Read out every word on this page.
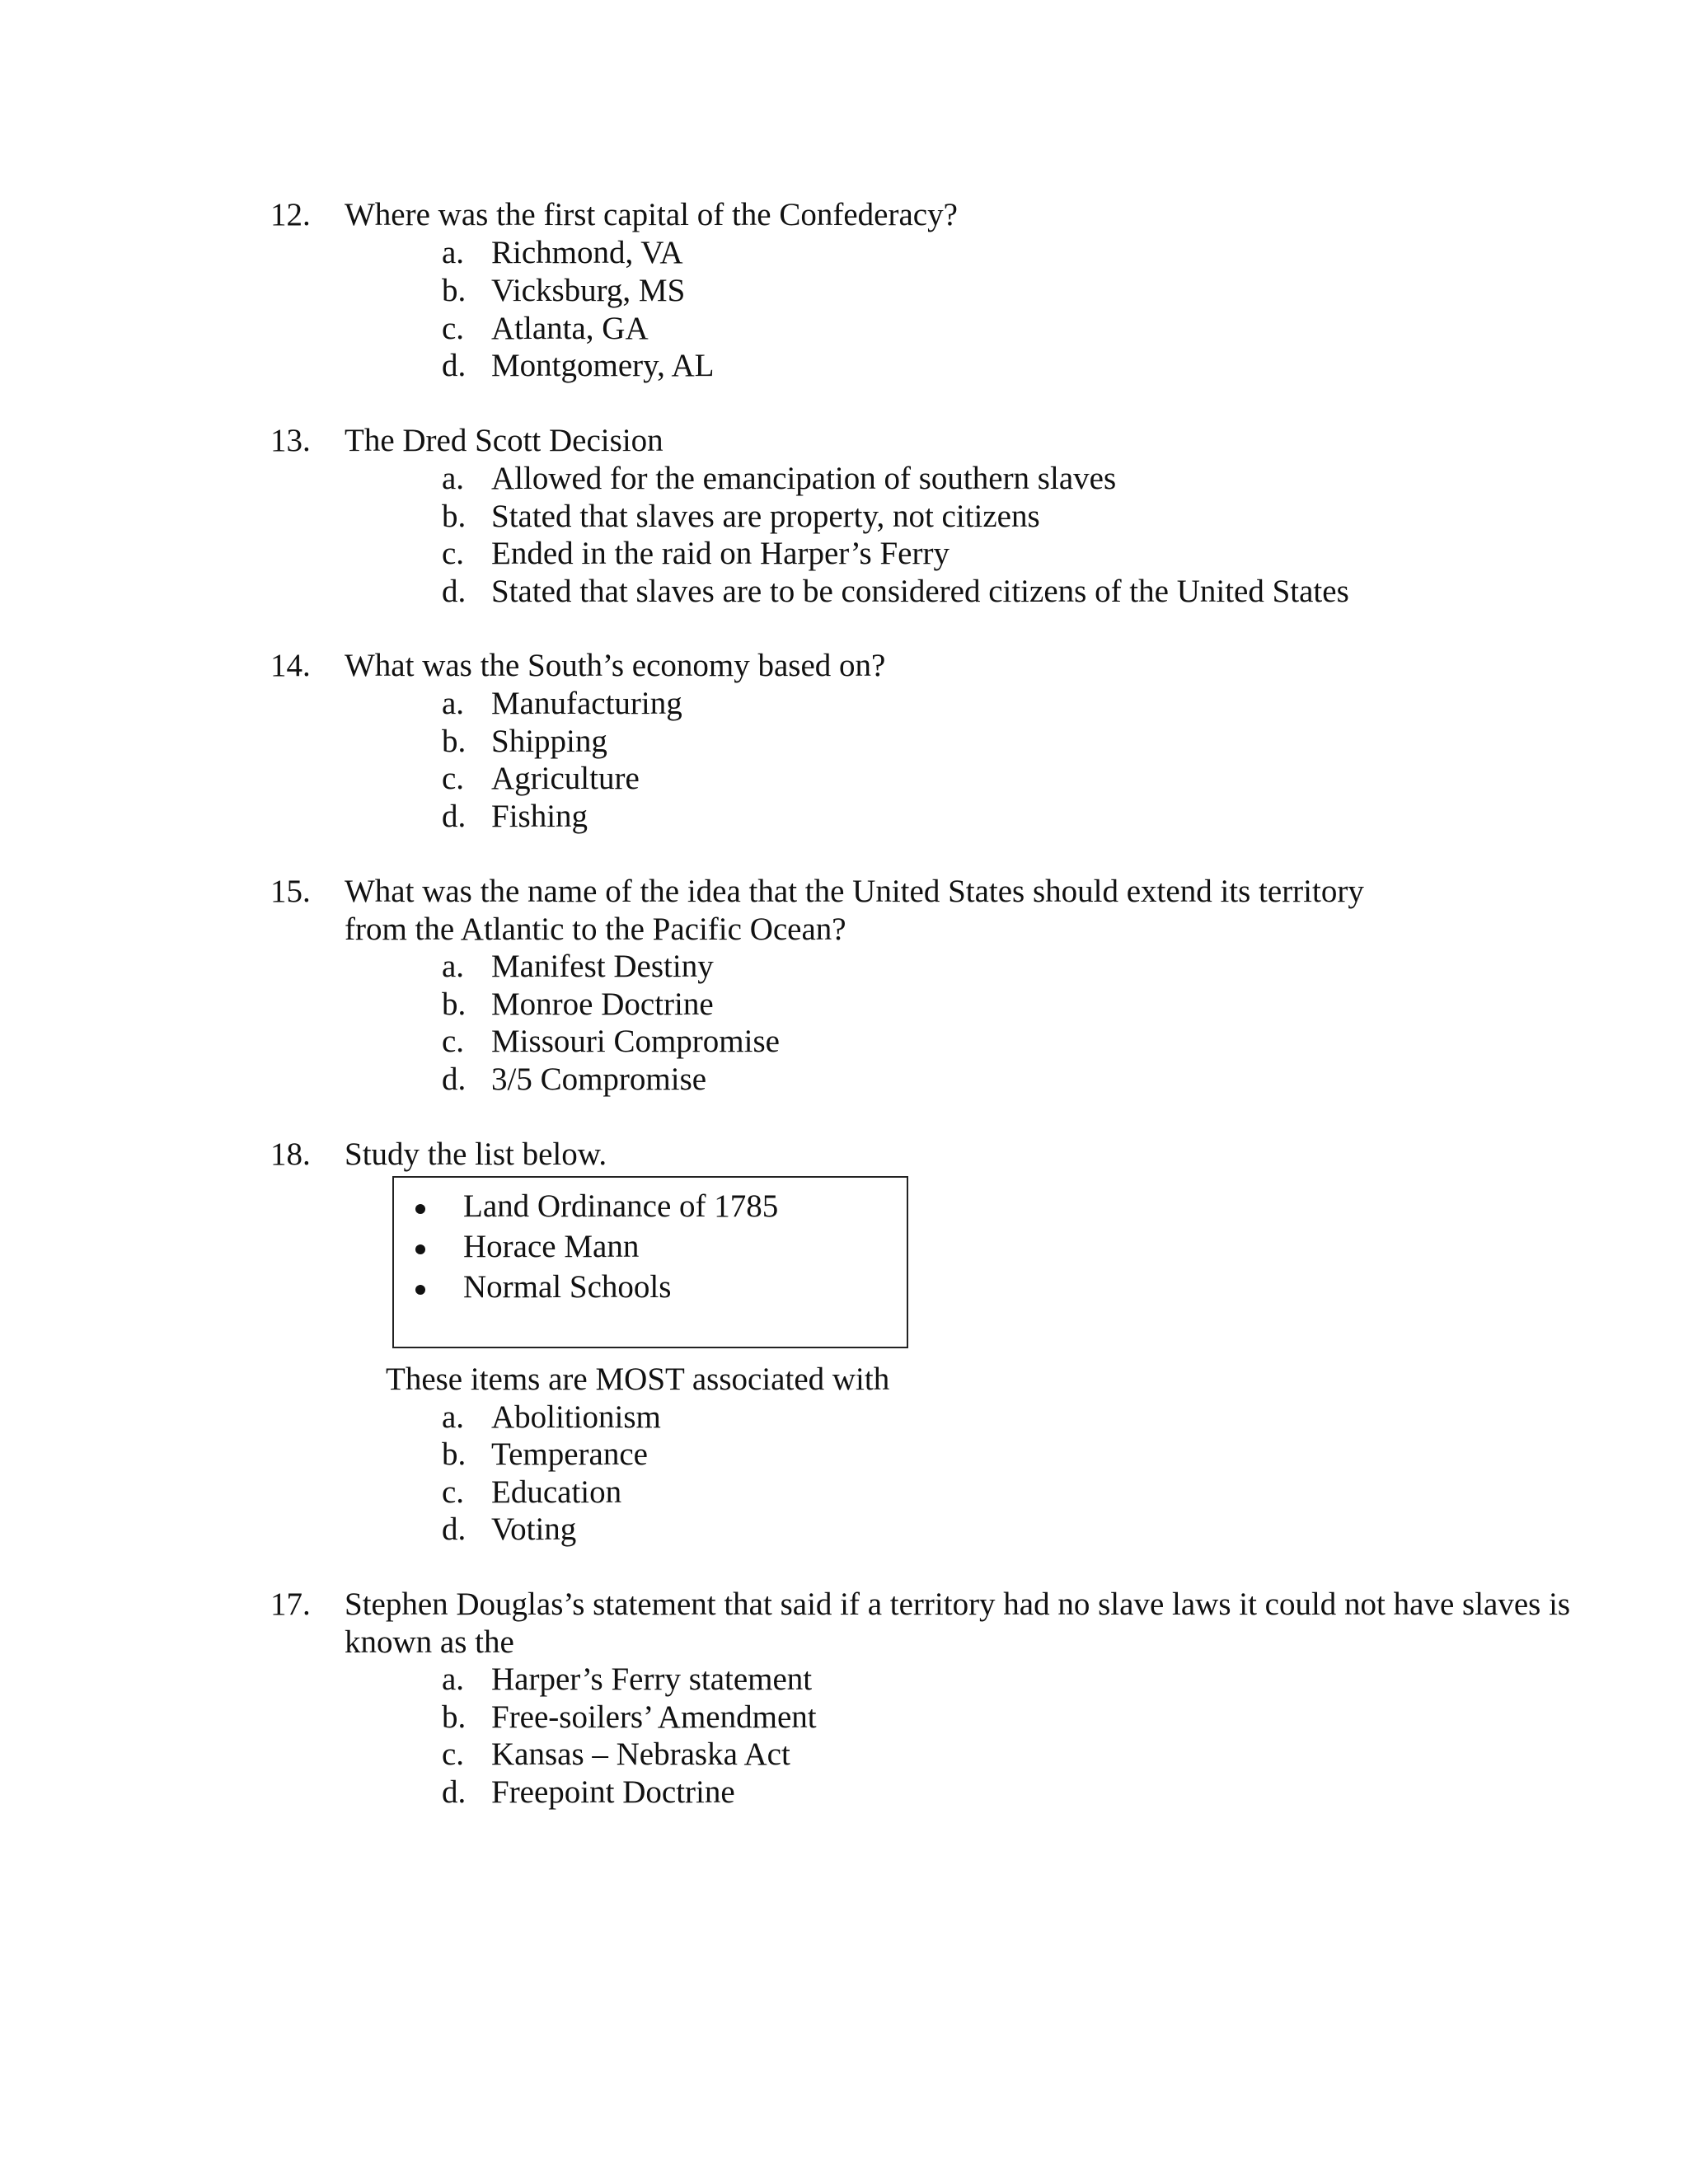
12. Where was the first capital of the Confederacy?
a. Richmond, VA
b. Vicksburg, MS
c. Atlanta, GA
d. Montgomery, AL
13. The Dred Scott Decision
a. Allowed for the emancipation of southern slaves
b. Stated that slaves are property, not citizens
c. Ended in the raid on Harper’s Ferry
d. Stated that slaves are to be considered citizens of the United States
14. What was the South’s economy based on?
a. Manufacturing
b. Shipping
c. Agriculture
d. Fishing
15. What was the name of the idea that the United States should extend its territory
from the Atlantic to the Pacific Ocean?
a. Manifest Destiny
b. Monroe Doctrine
c. Missouri Compromise
d. 3/5 Compromise
18. Study the list below.
Land Ordinance of 1785
Horace Mann
Normal Schools
These items are MOST associated with
a. Abolitionism
b. Temperance
c. Education
d. Voting
17. Stephen Douglas’s statement that said if a territory had no slave laws it could not have slaves is
known as the
a. Harper’s Ferry statement
b. Free-soilers’ Amendment
c. Kansas – Nebraska Act
d. Freepoint Doctrine
